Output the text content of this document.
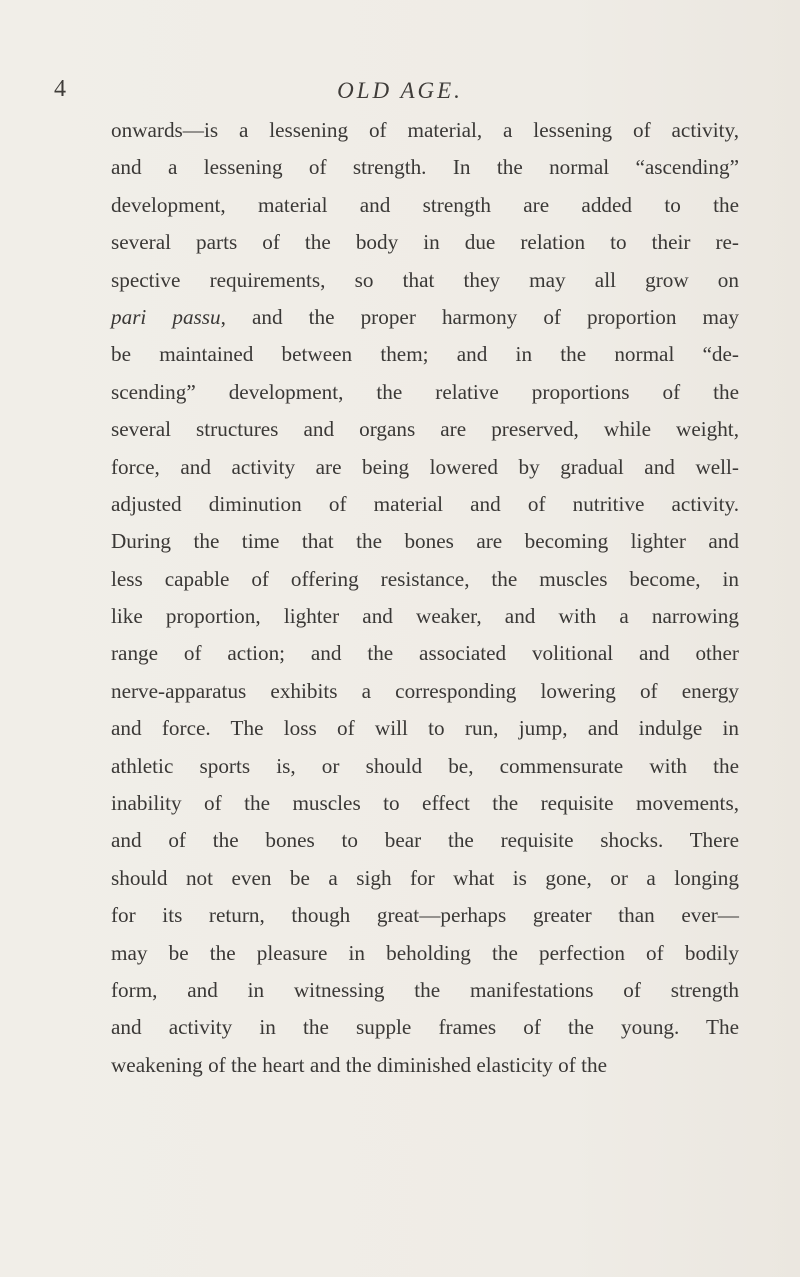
4	OLD AGE.
onwards—is a lessening of material, a lessening of activity,
and a lessening of strength. In the normal “ascending”
development, material and strength are added to the
several parts of the body in due relation to their re-
spective requirements, so that they may all grow on
pari passu, and the proper harmony of proportion may
be maintained between them; and in the normal “de-
scending” development, the relative proportions of the
several structures and organs are preserved, while weight,
force, and activity are being lowered by gradual and well-
adjusted diminution of material and of nutritive activity.
During the time that the bones are becoming lighter and
less capable of offering resistance, the muscles become, in
like proportion, lighter and weaker, and with a narrowing
range of action; and the associated volitional and other
nerve-apparatus exhibits a corresponding lowering of energy
and force. The loss of will to run, jump, and indulge in
athletic sports is, or should be, commensurate with the
inability of the muscles to effect the requisite movements,
and of the bones to bear the requisite shocks. There
should not even be a sigh for what is gone, or a longing
for its return, though great—perhaps greater than ever—
may be the pleasure in beholding the perfection of bodily
form, and in witnessing the manifestations of strength
and activity in the supple frames of the young. The
weakening of the heart and the diminished elasticity of the
